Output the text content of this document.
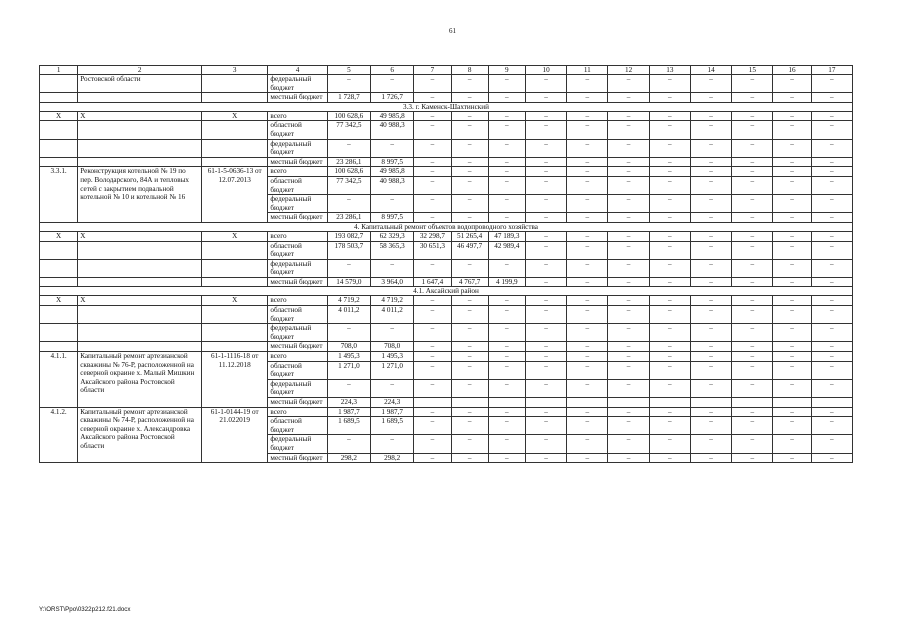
61
1	2	3	4	5	6	7	8	9	10	11	12	13	14	15	16	17
	Ростовской области		федеральный бюджет	–	–	–	–	–	–	–	–	–	–	–	–	–
			местный бюджет	1 728,7	1 726,7	–	–	–	–	–	–	–	–	–	–	–
3.3. г. Каменск-Шахтинский																
X	X	X	всего	100 628,6	49 985,8	–	–	–	–	–	–	–	–	–	–	–
			областной бюджет	77 342,5	40 988,3	–	–	–	–	–	–	–	–	–	–	–
			федеральный бюджет	–	–	–	–	–	–	–	–	–	–	–	–	–
			местный бюджет	23 286,1	8 997,5	–	–	–	–	–	–	–	–	–	–	–
3.3.1.	Реконструкция котельной № 19 по пер. Володарского, 84А и тепловых сетей с закрытием подвальной котельной № 10 и котельной № 16	61-1-5-0636-13 от 12.07.2013	всего	100 628,6	49 985,8	–	–	–	–	–	–	–	–	–	–	–
			областной бюджет	77 342,5	40 988,3	–	–	–	–	–	–	–	–	–	–	–
			федеральный бюджет	–	–	–	–	–	–	–	–	–	–	–	–	–
			местный бюджет	23 286,1	8 997,5	–	–	–	–	–	–	–	–	–	–	–
4. Капитальный ремонт объектов водопроводного хозяйства																
X	X	X	всего	193 082,7	62 329,3	32 298,7	51 265,4	47 189,3	–	–	–	–	–	–	–	–
			областной бюджет	178 503,7	58 365,3	30 651,3	46 497,7	42 989,4	–	–	–	–	–	–	–	–
			федеральный бюджет	–	–	–	–	–	–	–	–	–	–	–	–	–
			местный бюджет	14 579,0	3 964,0	1 647,4	4 767,7	4 199,9	–	–	–	–	–	–	–	–
4.1. Аксайский район																
X	X	X	всего	4 719,2	4 719,2	–	–	–	–	–	–	–	–	–	–	–
			областной бюджет	4 011,2	4 011,2	–	–	–	–	–	–	–	–	–	–	–
			федеральный бюджет	–	–	–	–	–	–	–	–	–	–	–	–	–
			местный бюджет	708,0	708,0	–	–	–	–	–	–	–	–	–	–	–
4.1.1.	Капитальный ремонт артезианской скважины № 76-Р, расположенной на северной окраине х. Малый Мишкин Аксайского района Ростовской области	61-1-1116-18 от 11.12.2018	всего	1 495,3	1 495,3	–	–	–	–	–	–	–	–	–	–	–
			областной бюджет	1 271,0	1 271,0	–	–	–	–	–	–	–	–	–	–	–
			федеральный бюджет	–	–	–	–	–	–	–	–	–	–	–	–	–
			местный бюджет	224,3	224,3											
4.1.2.	Капитальный ремонт артезианской скважины № 74-Р, расположенной на северной окраине х. Александровка Аксайского района Ростовской области	61-1-0144-19 от 21.022019	всего	1 987,7	1 987,7	–	–	–	–	–	–	–	–	–	–	–
			областной бюджет	1 689,5	1 689,5	–	–	–	–	–	–	–	–	–	–	–
			федеральный бюджет	–	–	–	–	–	–	–	–	–	–	–	–	–
			местный бюджет	298,2	298,2	–	–	–	–	–	–	–	–	–	–	–
Y:\ORST\Ppo\0322p212.f21.docx
